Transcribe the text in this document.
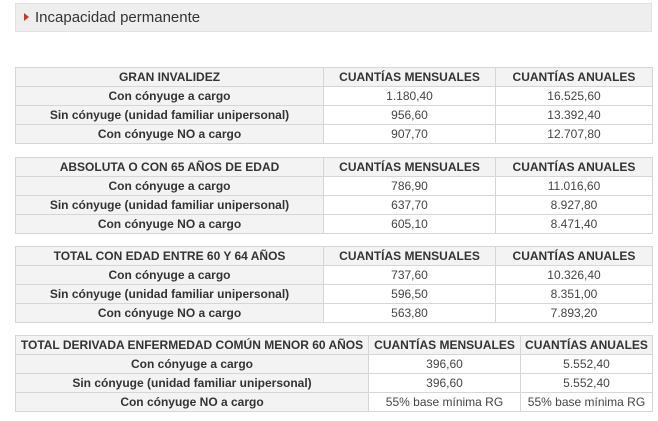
Incapacidad permanente
GRAN INVALIDEZ	CUANTÍAS MENSUALES	CUANTÍAS ANUALES
Con cónyuge a cargo	1.180,40	16.525,60
Sin cónyuge (unidad familiar unipersonal)	956,60	13.392,40
Con cónyuge NO a cargo	907,70	12.707,80
ABSOLUTA O CON 65 AÑOS DE EDAD	CUANTÍAS MENSUALES	CUANTÍAS ANUALES
Con cónyuge a cargo	786,90	11.016,60
Sin cónyuge (unidad familiar unipersonal)	637,70	8.927,80
Con cónyuge NO a cargo	605,10	8.471,40
TOTAL CON EDAD ENTRE 60 Y 64 AÑOS	CUANTÍAS MENSUALES	CUANTÍAS ANUALES
Con cónyuge a cargo	737,60	10.326,40
Sin cónyuge (unidad familiar unipersonal)	596,50	8.351,00
Con cónyuge NO a cargo	563,80	7.893,20
TOTAL DERIVADA ENFERMEDAD COMÚN MENOR 60 AÑOS	CUANTÍAS MENSUALES	CUANTÍAS ANUALES
Con cónyuge a cargo	396,60	5.552,40
Sin cónyuge (unidad familiar unipersonal)	396,60	5.552,40
Con cónyuge NO a cargo	55% base mínima RG	55% base mínima RG
